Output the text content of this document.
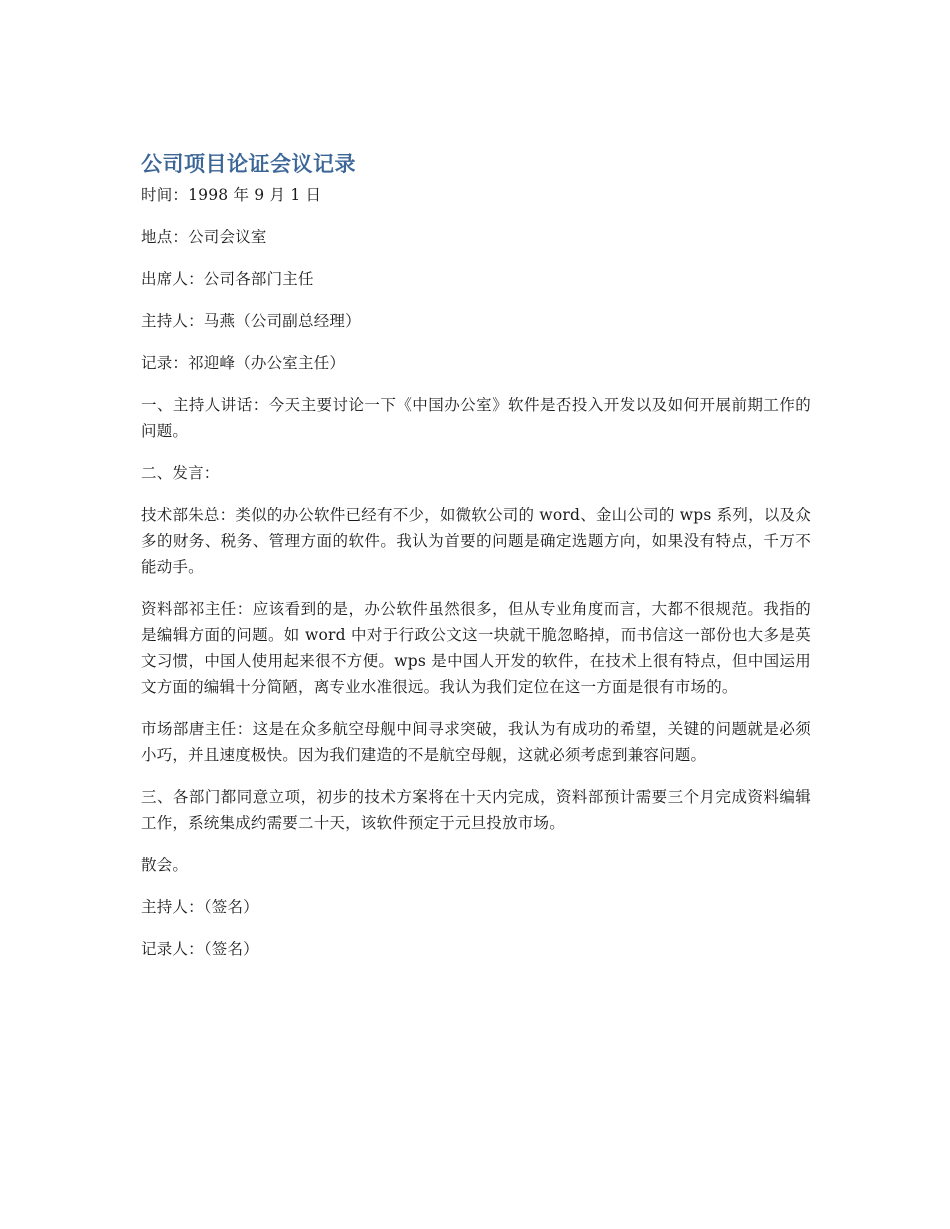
公司项目论证会议记录

时间：1998 年 9 月 1 日

地点：公司会议室

出席人：公司各部门主任

主持人：马燕（公司副总经理）

记录：祁迎峰（办公室主任）

一、主持人讲话：今天主要讨论一下《中国办公室》软件是否投入开发以及如何开展前期工作的问题。

二、发言：

技术部朱总：类似的办公软件已经有不少，如微软公司的 word、金山公司的 wps 系列，以及众多的财务、税务、管理方面的软件。我认为首要的问题是确定选题方向，如果没有特点，千万不能动手。

资料部祁主任：应该看到的是，办公软件虽然很多，但从专业角度而言，大都不很规范。我指的是编辑方面的问题。如 word 中对于行政公文这一块就干脆忽略掉，而书信这一部份也大多是英文习惯，中国人使用起来很不方便。wps 是中国人开发的软件，在技术上很有特点，但中国运用文方面的编辑十分简陋，离专业水准很远。我认为我们定位在这一方面是很有市场的。

市场部唐主任：这是在众多航空母舰中间寻求突破，我认为有成功的希望，关键的问题就是必须小巧，并且速度极快。因为我们建造的不是航空母舰，这就必须考虑到兼容问题。

三、各部门都同意立项，初步的技术方案将在十天内完成，资料部预计需要三个月完成资料编辑工作，系统集成约需要二十天，该软件预定于元旦投放市场。

散会。

主持人：（签名）

记录人：（签名）
